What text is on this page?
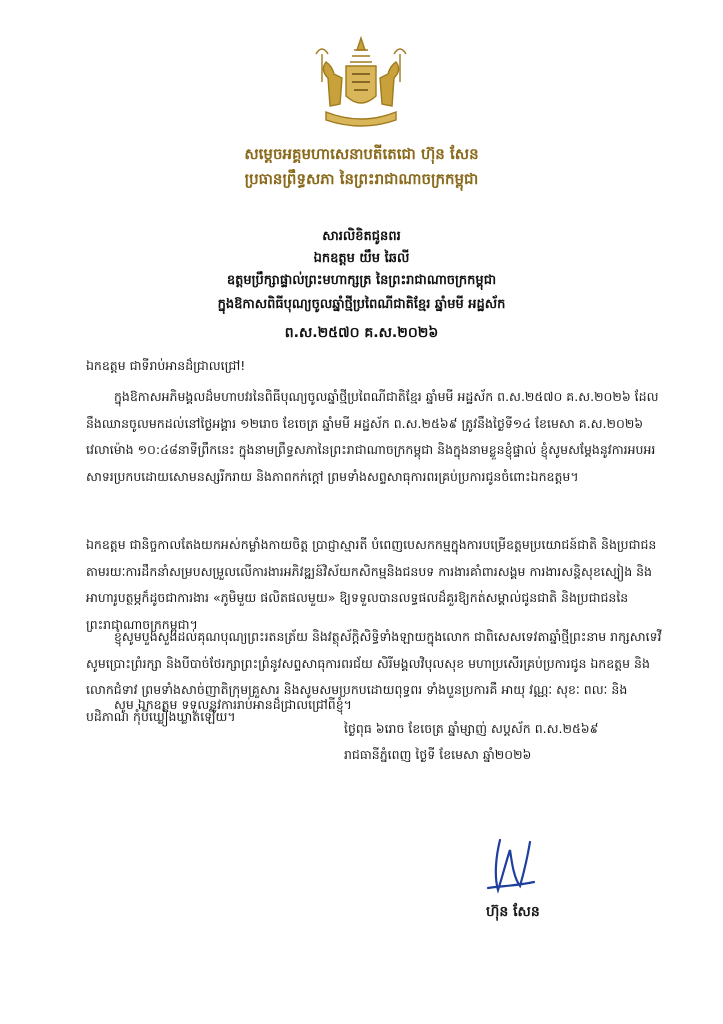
សម្តេចអគ្គមហាសេនាបតីតេជោ ហ៊ុន សែន
ប្រធានព្រឹទ្ធសភា នៃព្រះរាជាណាចក្រកម្ពុជា
សារលិខិតជូនពរ
ឯកឧត្តម យឹម ឆៃលី
ឧត្តមប្រឹក្សាផ្ទាល់ព្រះមហាក្សត្រ នៃព្រះរាជាណាចក្រកម្ពុជា
ក្នុងឱកាសពិធីបុណ្យចូលឆ្នាំថ្មីប្រពៃណីជាតិខ្មែរ ឆ្នាំមមី អដ្ឋស័ក
ព.ស.២៥៧០ គ.ស.២០២៦
ឯកឧត្តម ជាទីរាប់អានដ៏ជ្រាលជ្រៅ!
ក្នុងឱកាសអភិមង្គលដ៏មហាបវរនៃពិធីបុណ្យចូលឆ្នាំថ្មីប្រពៃណីជាតិខ្មែរ ឆ្នាំមមី អដ្ឋស័ក ព.ស.២៥៧០ គ.ស.២០២៦ ដែលនឹងឈានចូលមកដល់នៅថ្ងៃអង្គារ ១២រោច ខែចេត្រ ឆ្នាំមមី អដ្ឋស័ក ព.ស.២៥៦៩ ត្រូវនឹងថ្ងៃទី១៤ ខែមេសា គ.ស.២០២៦ វេលាម៉ោង ១០:៤៨នាទីព្រឹកនេះ ក្នុងនាមព្រឹទ្ធសភានៃព្រះរាជាណាចក្រកម្ពុជា និងក្នុងនាមខ្លួនខ្ញុំផ្ទាល់ ខ្ញុំសូមសម្តែងនូវការអបអរសាទរប្រកបដោយសោមនស្សរីករាយ និងភាពកក់ក្តៅ ព្រមទាំងសព្ទសាធុការពរគ្រប់ប្រការជូនចំពោះឯកឧត្តម។
ឯកឧត្តម ជានិច្ចកាលតែងយកអស់កម្លាំងកាយចិត្ត ប្រាជ្ញាស្មារតី បំពេញបេសកកម្មក្នុងការបម្រើឧត្តមប្រយោជន៍ជាតិ និងប្រជាជន តាមរយៈការដឹកនាំសម្របសម្រួលលើការងារអភិវឌ្ឍន៍វិស័យកសិកម្មនិងជនបទ ការងារគាំពារសង្គម ការងារសន្តិសុខស្បៀង និងអាហារូបត្ថម្ភក៏ដូចជាការងារ «ភូមិមួយ ផលិតផលមួយ» ឱ្យទទួលបានលទ្ធផលដ៏គួរឱ្យកត់សម្គាល់ជូនជាតិ និងប្រជាជននៃព្រះរាជាណាចក្រកម្ពុជា។
ខ្ញុំសូមបួងសួងដល់គុណបុណ្យព្រះរតនត្រ័យ និងវត្ថុស័ក្តិសិទ្ធិទាំងឡាយក្នុងលោក ជាពិសេសទេវតាឆ្នាំថ្មីព្រះនាម រាក្សសាទេវី សូមប្រោះព្រំរក្សា និងបីបាច់ថែរក្សាព្រះព្រំនូវសព្ទសាធុការពរជ័យ សិរីមង្គលវិបុលសុខ មហាប្រសើរគ្រប់ប្រការជូន ឯកឧត្តម និងលោកជំទាវ ព្រមទាំងសាច់ញាតិក្រុមគ្រួសារ និងសូមសមប្រកបដោយពុទ្ធពរ ទាំងបួនប្រការគឺ អាយុ វណ្ណៈ សុខៈ ពលៈ និងបដិភាណ កុំបីឃ្លៀងឃ្លាតឡើយ។
សូម ឯកឧត្តម ទទួលនូវការរាប់អានដ៏ជ្រាលជ្រៅពីខ្ញុំ។
ថ្ងៃពុធ ៦រោច ខែចេត្រ ឆ្នាំម្សាញ់ សប្តស័ក ព.ស.២៥៦៩
រាជធានីភ្នំពេញ ថ្ងៃទី ខែមេសា ឆ្នាំ២០២៦
ហ៊ុន សែន
